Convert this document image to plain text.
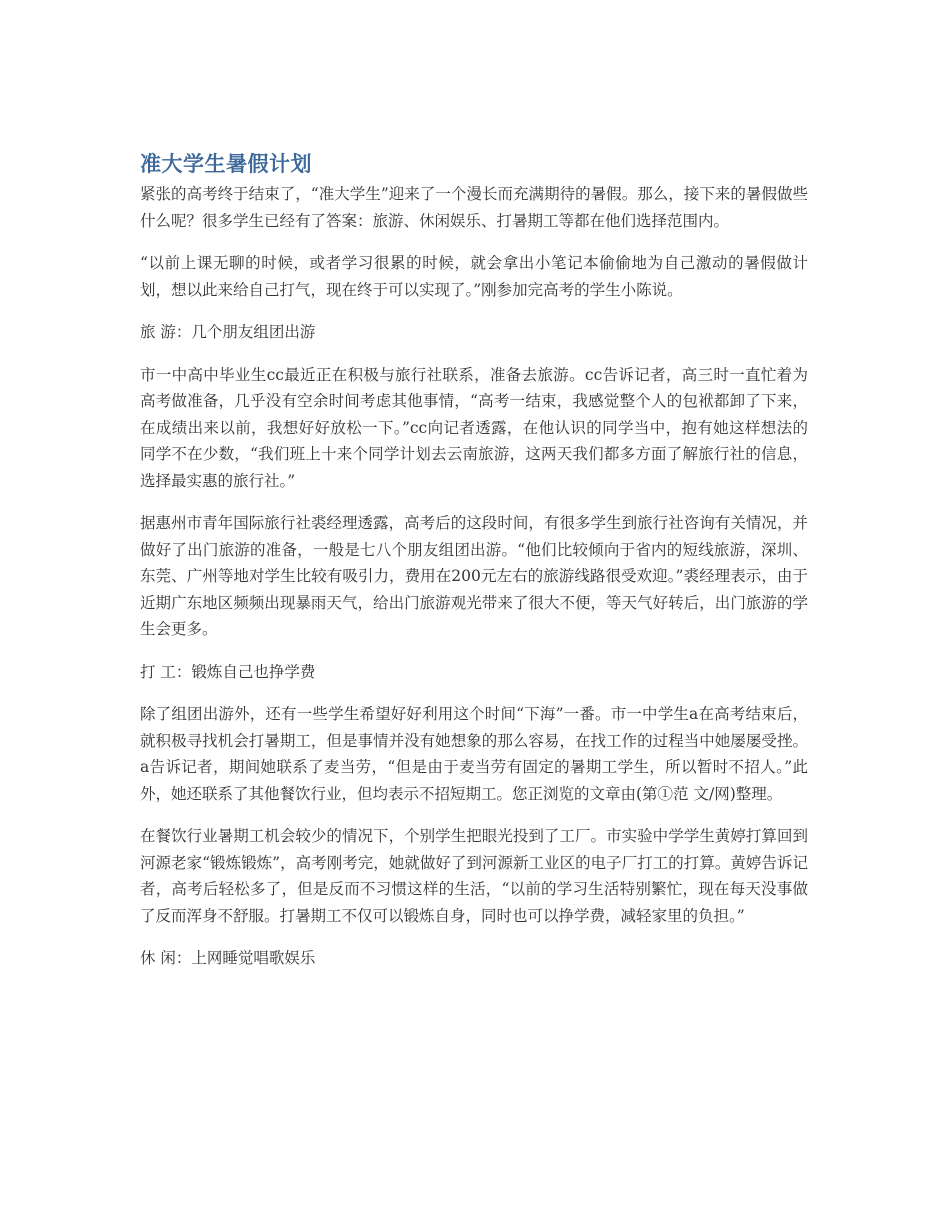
准大学生暑假计划

紧张的高考终于结束了，“准大学生”迎来了一个漫长而充满期待的暑假。那么，接下来的暑假做些什么呢？很多学生已经有了答案：旅游、休闲娱乐、打暑期工等都在他们选择范围内。

“以前上课无聊的时候，或者学习很累的时候，就会拿出小笔记本偷偷地为自己激动的暑假做计划，想以此来给自己打气，现在终于可以实现了。”刚参加完高考的学生小陈说。

旅 游：几个朋友组团出游

市一中高中毕业生cc最近正在积极与旅行社联系，准备去旅游。cc告诉记者，高三时一直忙着为高考做准备，几乎没有空余时间考虑其他事情，“高考一结束，我感觉整个人的包袱都卸了下来，在成绩出来以前，我想好好放松一下。”cc向记者透露，在他认识的同学当中，抱有她这样想法的同学不在少数，“我们班上十来个同学计划去云南旅游，这两天我们都多方面了解旅行社的信息，选择最实惠的旅行社。”

据惠州市青年国际旅行社裘经理透露，高考后的这段时间，有很多学生到旅行社咨询有关情况，并做好了出门旅游的准备，一般是七八个朋友组团出游。“他们比较倾向于省内的短线旅游，深圳、东莞、广州等地对学生比较有吸引力，费用在200元左右的旅游线路很受欢迎。”裘经理表示，由于近期广东地区频频出现暴雨天气，给出门旅游观光带来了很大不便，等天气好转后，出门旅游的学生会更多。

打 工：锻炼自己也挣学费

除了组团出游外，还有一些学生希望好好利用这个时间“下海”一番。市一中学生a在高考结束后，就积极寻找机会打暑期工，但是事情并没有她想象的那么容易，在找工作的过程当中她屡屡受挫。a告诉记者，期间她联系了麦当劳，“但是由于麦当劳有固定的暑期工学生，所以暂时不招人。”此外，她还联系了其他餐饮行业，但均表示不招短期工。您正浏览的文章由(第①范 文/网)整理。

在餐饮行业暑期工机会较少的情况下，个别学生把眼光投到了工厂。市实验中学学生黄婷打算回到河源老家“锻炼锻炼”，高考刚考完，她就做好了到河源新工业区的电子厂打工的打算。黄婷告诉记者，高考后轻松多了，但是反而不习惯这样的生活，“以前的学习生活特别繁忙，现在每天没事做了反而浑身不舒服。打暑期工不仅可以锻炼自身，同时也可以挣学费，减轻家里的负担。”

休 闲：上网睡觉唱歌娱乐
